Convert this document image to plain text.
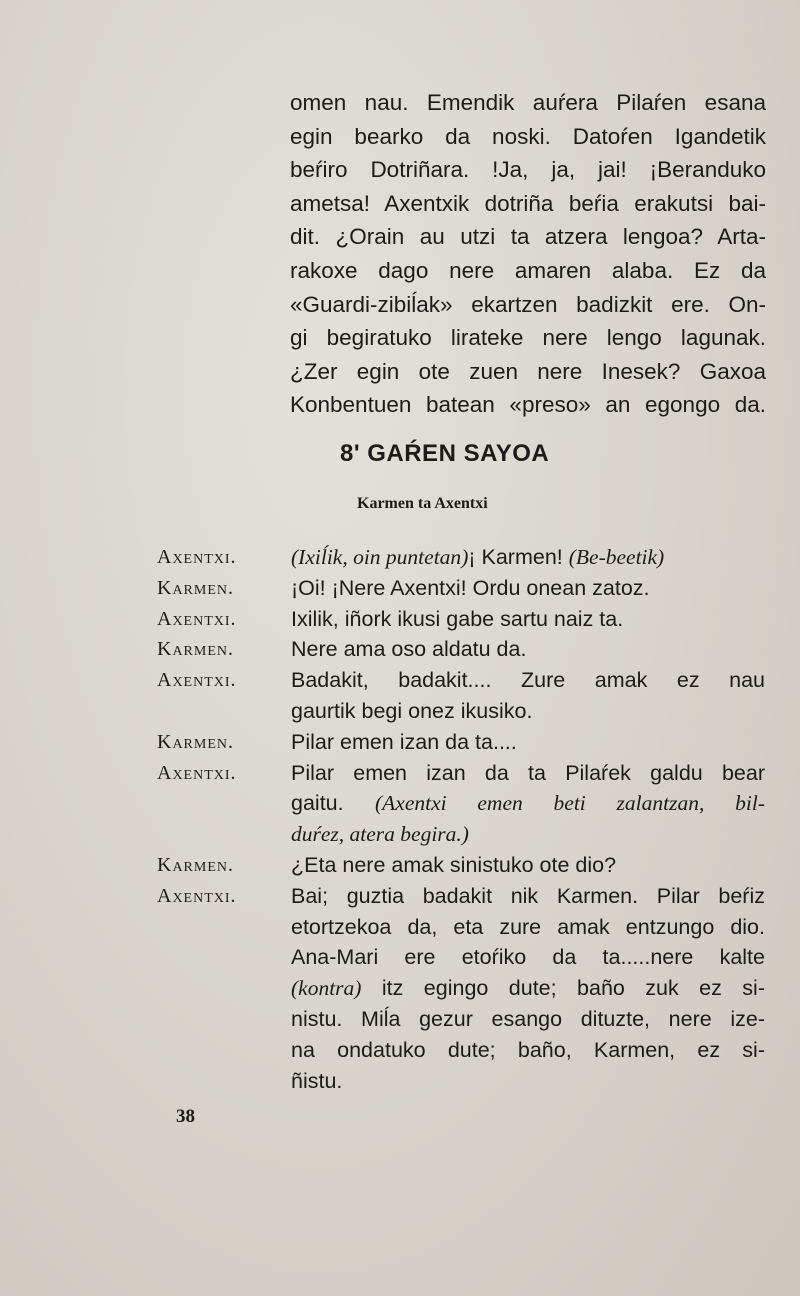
omen nau. Emendik auŕera Pilaŕen esana
egin bearko da noski. Datoŕen Igandetik
beŕiro Dotriñara. !Ja, ja, jai! ¡Beranduko
ametsa! Axentxik dotriña beŕia erakutsi bai-
dit. ¿Orain au utzi ta atzera lengoa? Arta-
rakoxe dago nere amaren alaba. Ez da
«Guardi-zibiĺak» ekartzen badizkit ere. On-
gi begiratuko lirateke nere lengo lagunak.
¿Zer egin ote zuen nere Inesek? Gaxoa
Konbentuen batean «preso» an egongo da.
8' GAŔEN SAYOA
Karmen ta Axentxi
Axentxi.	(Ixiĺik, oin puntetan)¡ Karmen! (Be-beetik)
Karmen.	¡Oi! ¡Nere Axentxi! Ordu onean zatoz.
Axentxi.	Ixilik, iñork ikusi gabe sartu naiz ta.
Karmen.	Nere ama oso aldatu da.
Axentxi.	Badakit, badakit.... Zure amak ez nau
gaurtik begi onez ikusiko.
Karmen.	Pilar emen izan da ta....
Axentxi.	Pilar emen izan da ta Pilaŕek galdu bear
gaitu. (Axentxi emen beti zalantzan, bil-
duŕez, atera begira.)
Karmen.	¿Eta nere amak sinistuko ote dio?
Axentxi.	Bai; guztia badakit nik Karmen. Pilar beŕiz
etortzekoa da, eta zure amak entzungo dio.
Ana-Mari ere etoŕiko da ta.....nere kalte
(kontra) itz egingo dute; baño zuk ez si-
nistu. Miĺa gezur esango dituzte, nere ize-
na ondatuko dute; baño, Karmen, ez si-
ñistu.
38
